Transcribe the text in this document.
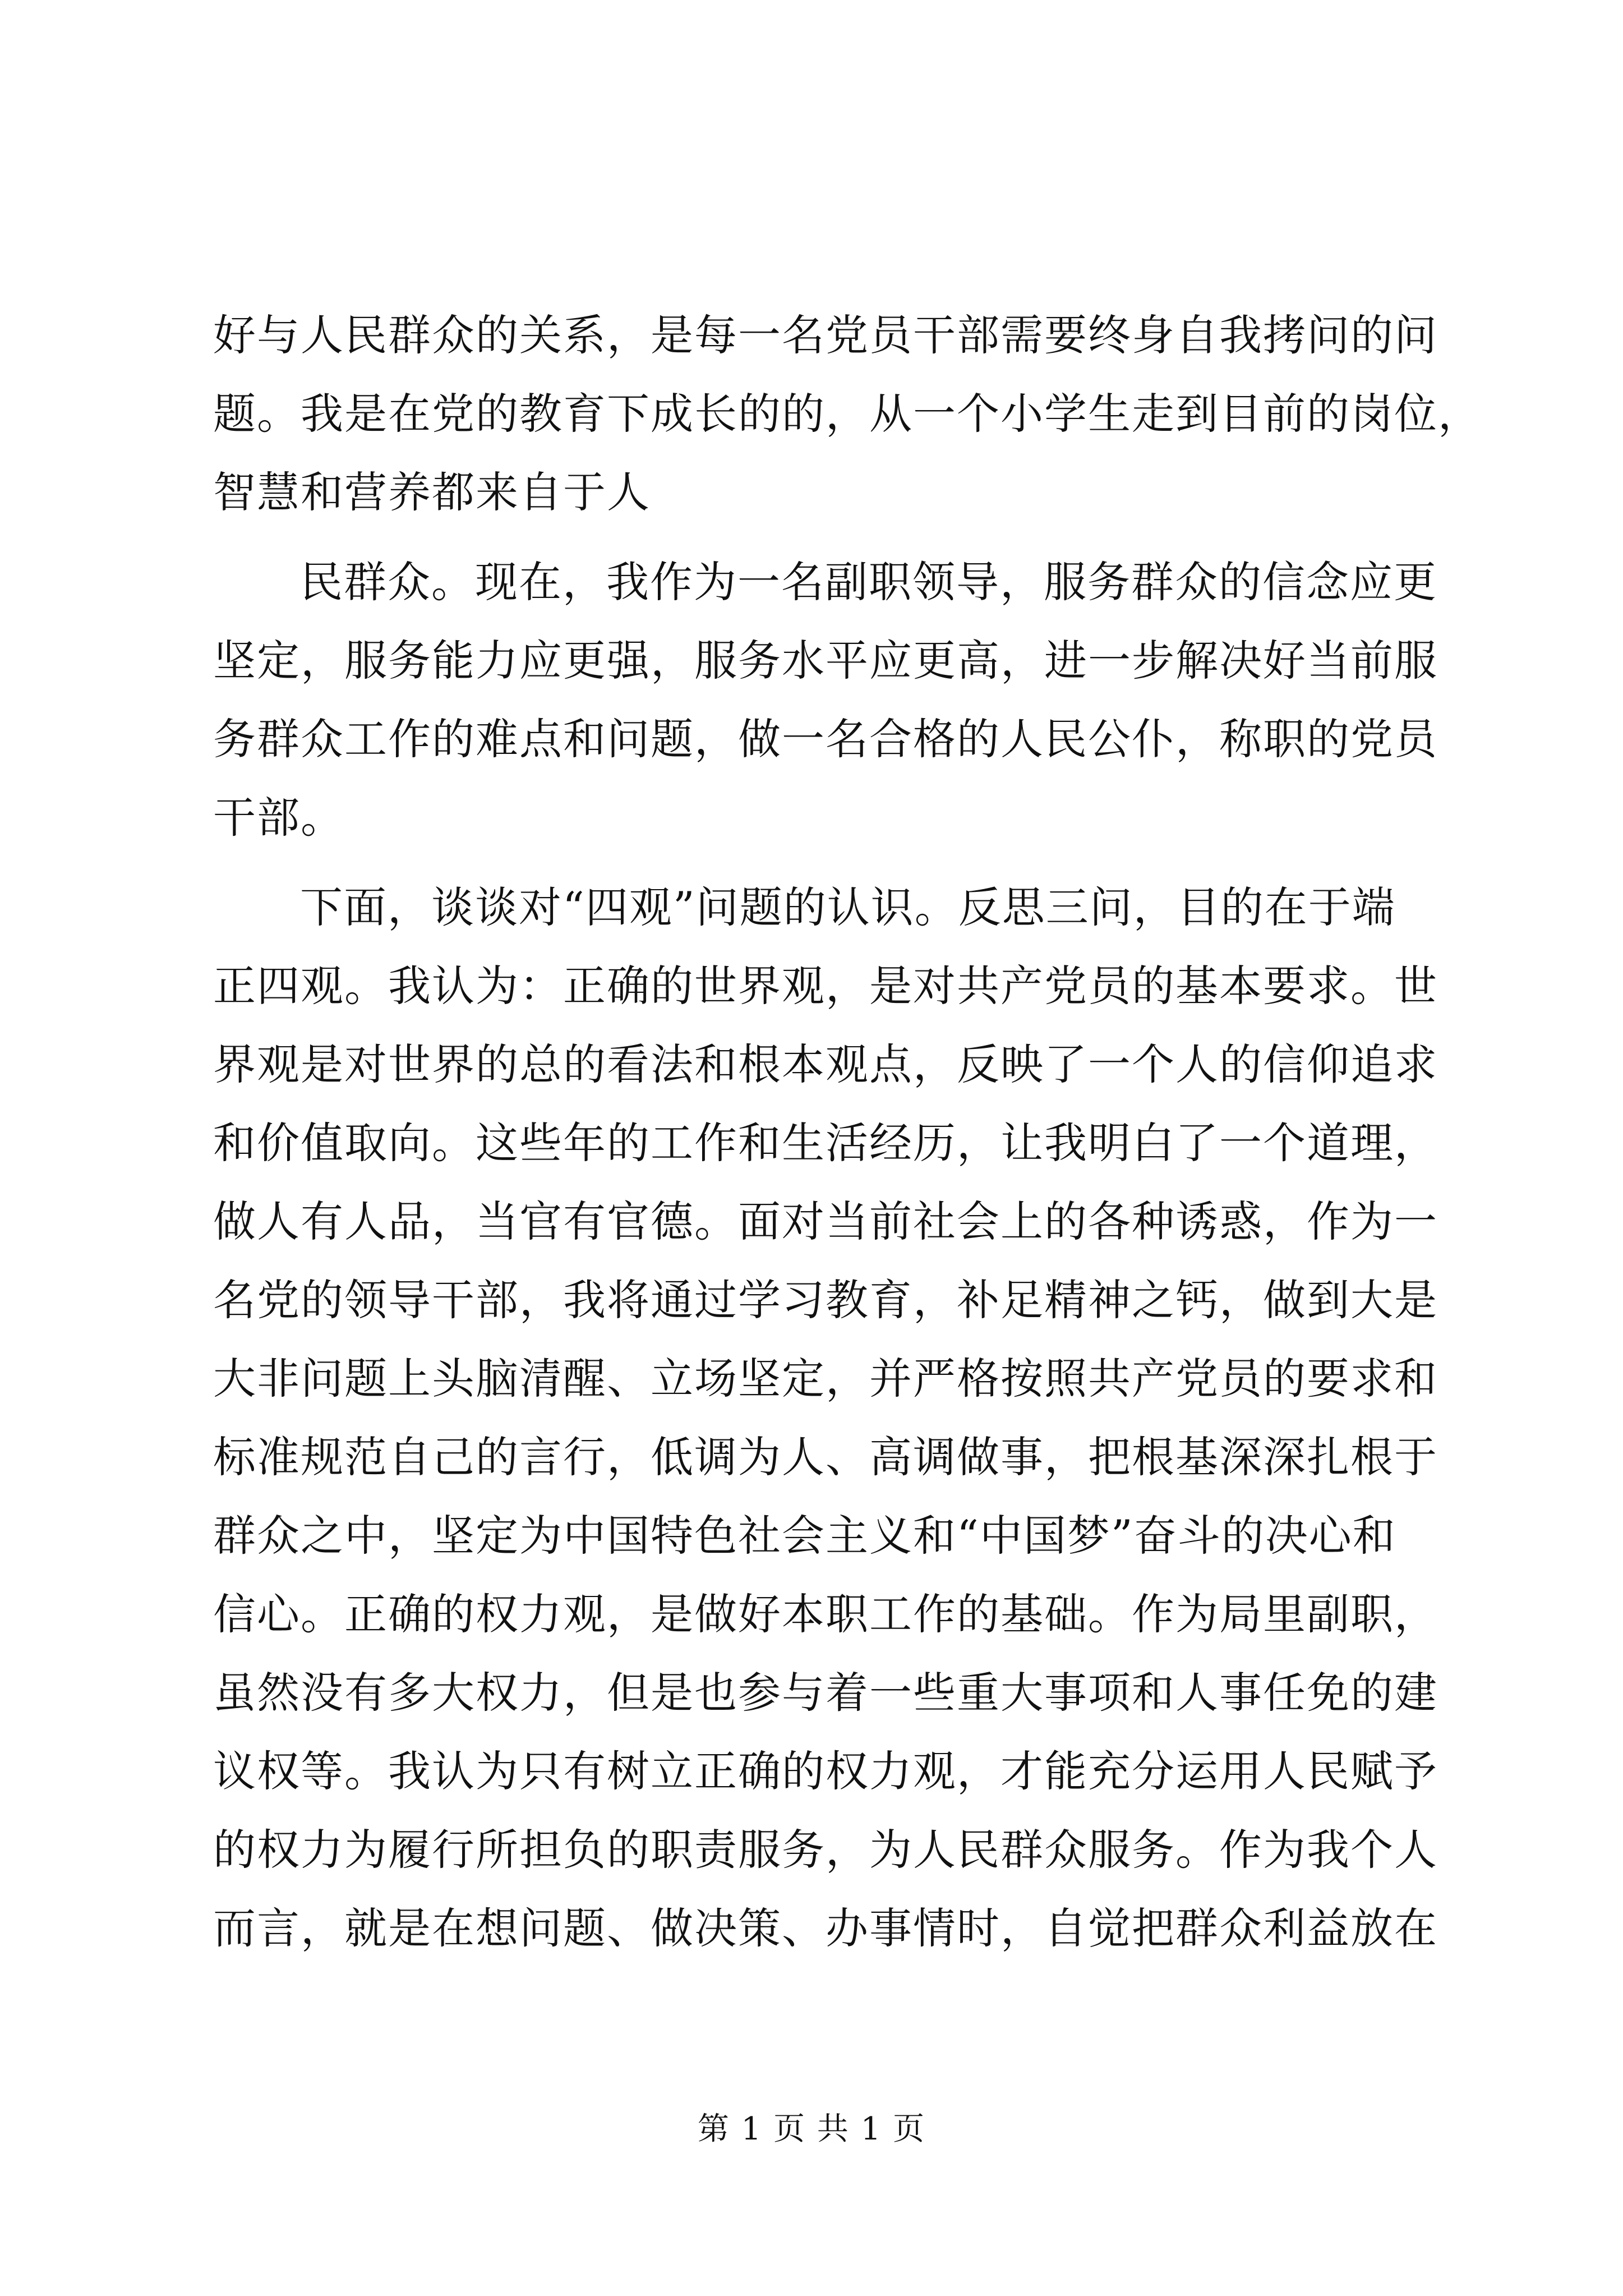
好与人民群众的关系，是每一名党员干部需要终身自我拷问的问
题。我是在党的教育下成长的的，从一个小学生走到目前的岗位，
智慧和营养都来自于人
民群众。现在，我作为一名副职领导，服务群众的信念应更
坚定，服务能力应更强，服务水平应更高，进一步解决好当前服
务群众工作的难点和问题，做一名合格的人民公仆，称职的党员
干部。
下面，谈谈对“四观”问题的认识。反思三问，目的在于端
正四观。我认为：正确的世界观，是对共产党员的基本要求。世
界观是对世界的总的看法和根本观点，反映了一个人的信仰追求
和价值取向。这些年的工作和生活经历，让我明白了一个道理，
做人有人品，当官有官德。面对当前社会上的各种诱惑，作为一
名党的领导干部，我将通过学习教育，补足精神之钙，做到大是
大非问题上头脑清醒、立场坚定，并严格按照共产党员的要求和
标准规范自己的言行，低调为人、高调做事，把根基深深扎根于
群众之中，坚定为中国特色社会主义和“中国梦”奋斗的决心和
信心。正确的权力观，是做好本职工作的基础。作为局里副职，
虽然没有多大权力，但是也参与着一些重大事项和人事任免的建
议权等。我认为只有树立正确的权力观，才能充分运用人民赋予
的权力为履行所担负的职责服务，为人民群众服务。作为我个人
而言，就是在想问题、做决策、办事情时，自觉把群众利益放在
第 1 页 共 1 页
